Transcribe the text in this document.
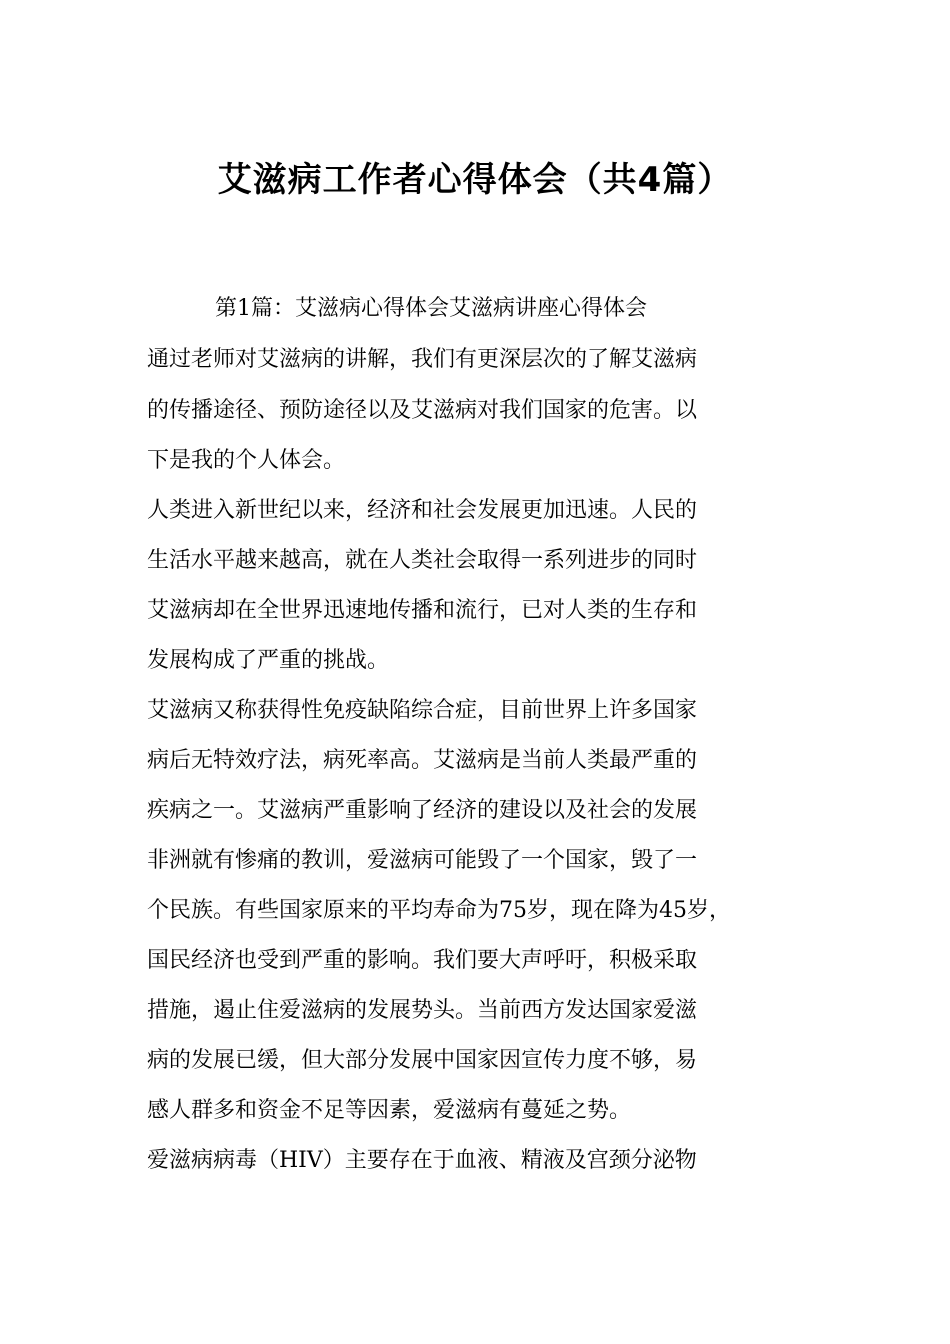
艾滋病工作者心得体会（共4篇）
第1篇：艾滋病心得体会艾滋病讲座心得体会
通过老师对艾滋病的讲解，我们有更深层次的了解艾滋病
的传播途径、预防途径以及艾滋病对我们国家的危害。以
下是我的个人体会。
人类进入新世纪以来，经济和社会发展更加迅速。人民的
生活水平越来越高，就在人类社会取得一系列进步的同时
艾滋病却在全世界迅速地传播和流行，已对人类的生存和
发展构成了严重的挑战。
艾滋病又称获得性免疫缺陷综合症，目前世界上许多国家
病后无特效疗法，病死率高。艾滋病是当前人类最严重的
疾病之一。艾滋病严重影响了经济的建设以及社会的发展
非洲就有惨痛的教训，爱滋病可能毁了一个国家，毁了一
个民族。有些国家原来的平均寿命为75岁，现在降为45岁，
国民经济也受到严重的影响。我们要大声呼吁，积极采取
措施，遏止住爱滋病的发展势头。当前西方发达国家爱滋
病的发展已缓，但大部分发展中国家因宣传力度不够，易
感人群多和资金不足等因素，爱滋病有蔓延之势。
爱滋病病毒（HIV）主要存在于血液、精液及宫颈分泌物
